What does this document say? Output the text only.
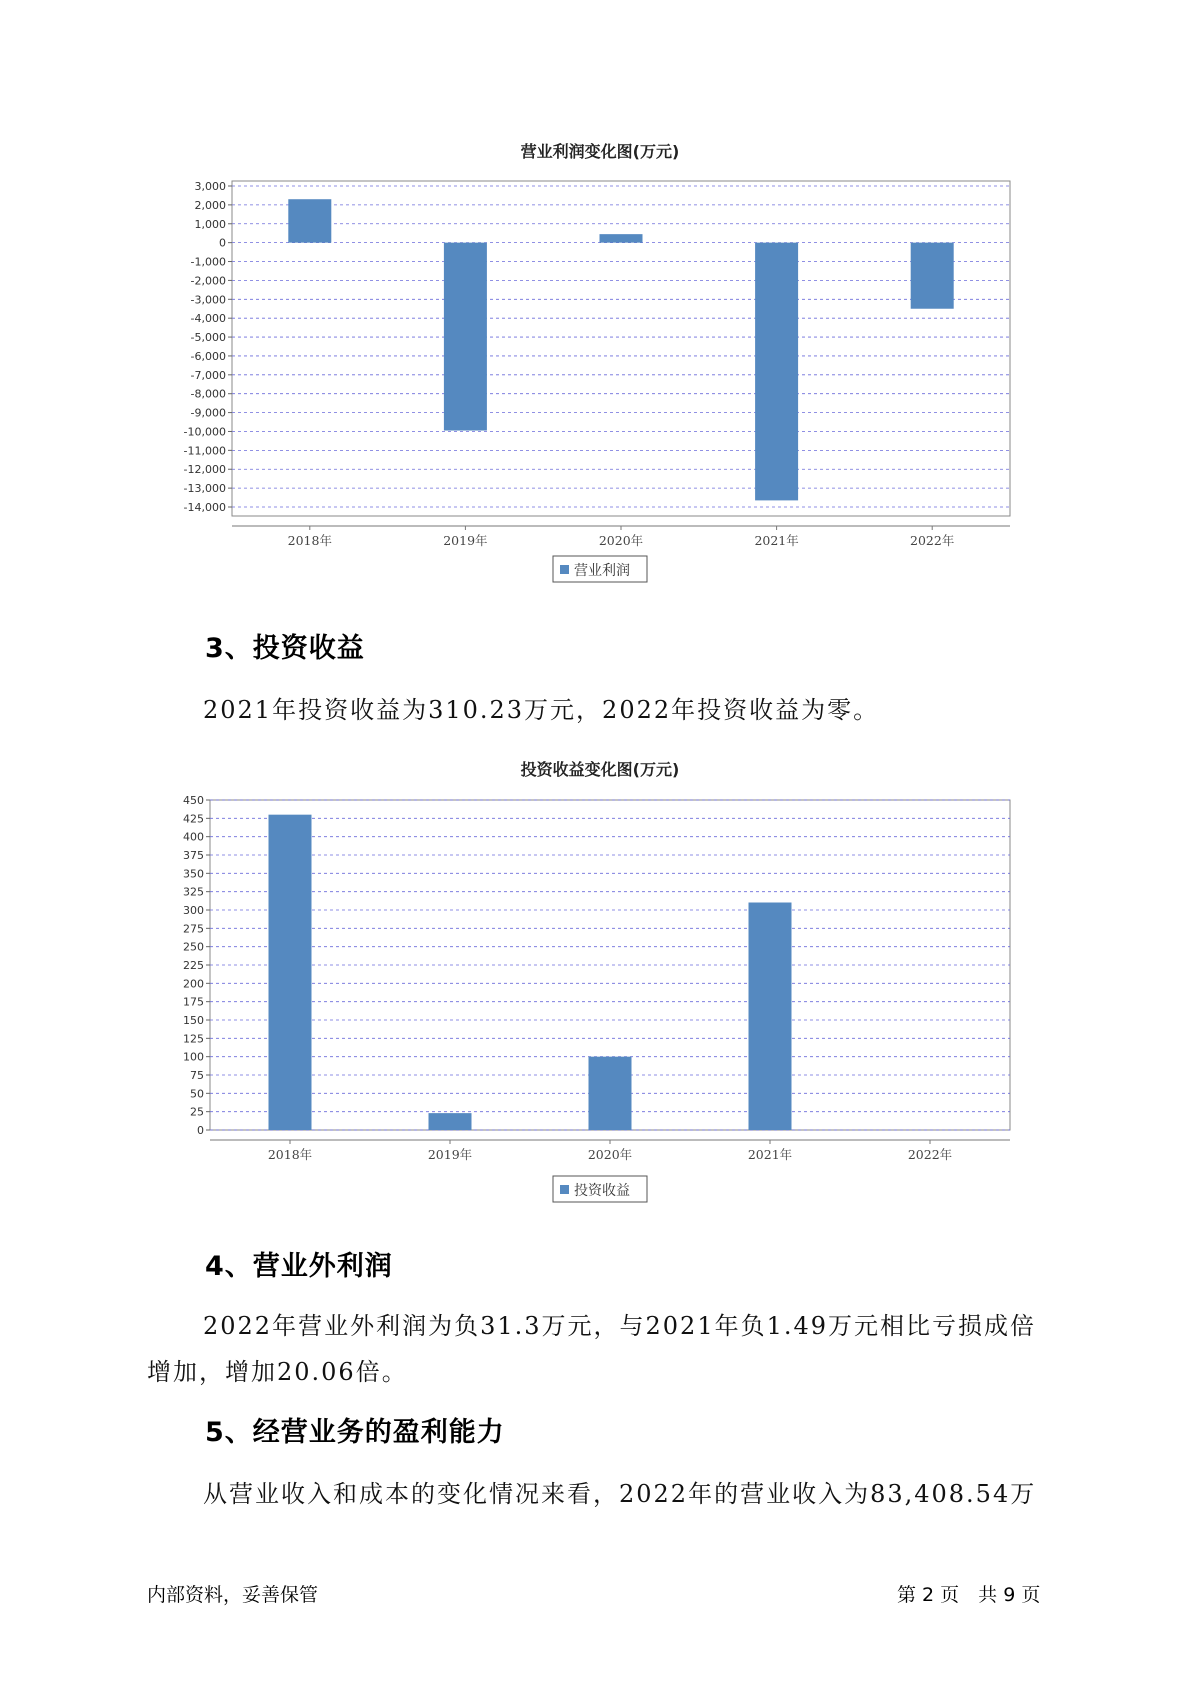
营业利润变化图(万元)
3,000
2,000
1,000
0
-1,000
-2,000
-3,000
-4,000
-5,000
-6,000
-7,000
-8,000
-9,000
-10,000
-11,000
-12,000
-13,000
-14,000
2018年	2019年	2020年	2021年	2022年
营业利润
3、投资收益
2021年投资收益为310.23万元，2022年投资收益为零。
投资收益变化图(万元)
450
425
400
375
350
325
300
275
250
225
200
175
150
125
100
75
50
25
0
2018年	2019年	2020年	2021年	2022年
投资收益
4、营业外利润
2022年营业外利润为负31.3万元，与2021年负1.49万元相比亏损成倍
增加，增加20.06倍。
5、经营业务的盈利能力
从营业收入和成本的变化情况来看，2022年的营业收入为83,408.54万
内部资料，妥善保管	第 2 页　共 9 页
